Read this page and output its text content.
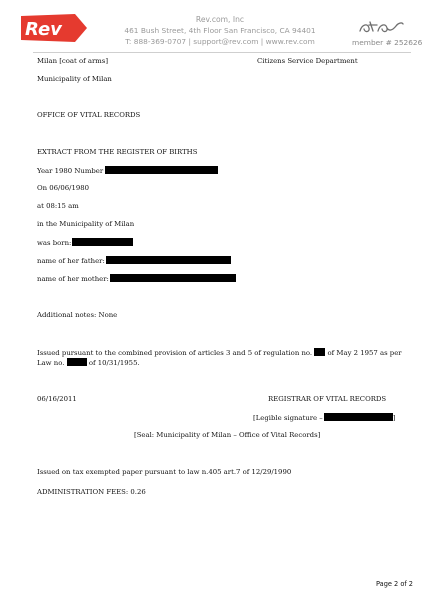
Rev	Rev.com, Inc
461 Bush Street, 4th Floor San Francisco, CA 94401
T: 888-369-0707 | support@rev.com | www.rev.com	member # 252626
Milan [coat of arms]	Citizens Service Department
Municipality of Milan
OFFICE OF VITAL RECORDS
EXTRACT FROM THE REGISTER OF BIRTHS
Year 1980 Number
On 06/06/1980
at 08:15 am
in the Municipality of Milan
was born:
name of her father:
name of her mother:
Additional notes: None
Issued pursuant to the combined provision of articles 3 and 5 of regulation no. of May 2 1957 as per
Law no.	of 10/31/1955.
06/16/2011	REGISTRAR OF VITAL RECORDS
[Legible signature –	]
[Seal: Municipality of Milan – Office of Vital Records]
Issued on tax exempted paper pursuant to law n.405 art.7 of 12/29/1990
ADMINISTRATION FEES: 0.26
Page 2 of 2
